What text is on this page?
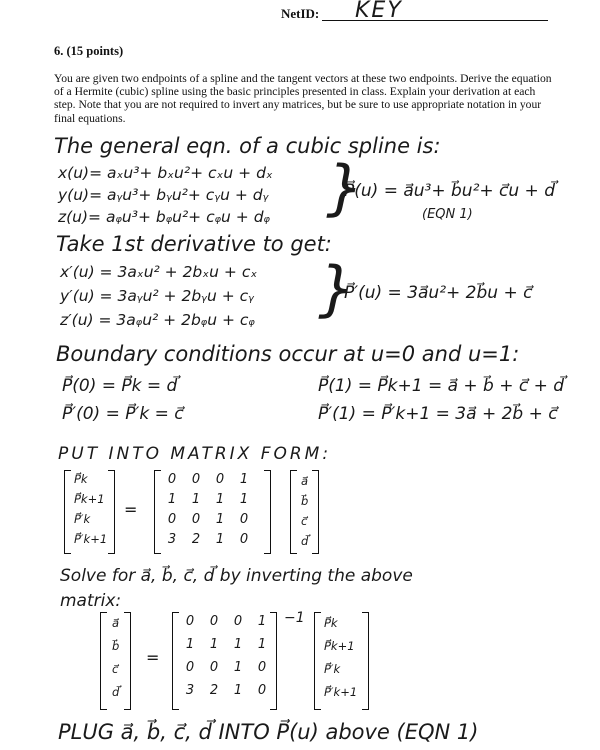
NetID: KEY
6. (15 points)
You are given two endpoints of a spline and the tangent vectors at these two endpoints. Derive the equation of a Hermite (cubic) spline using the basic principles presented in class. Explain your derivation at each step. Note that you are not required to invert any matrices, but be sure to use appropriate notation in your final equations.
The general eqn. of a cubic spline is:
x(u)= aₓu³+ bₓu²+ cₓu + dₓ
y(u)= aᵧu³+ bᵧu²+ cᵧu + dᵧ
z(u)= aᵩu³+ bᵩu²+ cᵩu + dᵩ }
P⃗(u) = a⃗u³+ b⃗u²+ c⃗u + d⃗
(EQN 1)
Take 1st derivative to get:
x′(u) = 3aₓu² + 2bₓu + cₓ
y′(u) = 3aᵧu² + 2bᵧu + cᵧ
z′(u) = 3aᵩu² + 2bᵩu + cᵩ }
P⃗′(u) = 3a⃗u²+ 2b⃗u + c⃗
Boundary conditions occur at u=0 and u=1:
P⃗(0) = P⃗k = d⃗
P⃗′(0) = P⃗′k = c⃗
P⃗(1) = P⃗k+1 = a⃗ + b⃗ + c⃗ + d⃗
P⃗′(1) = P⃗′k+1 = 3a⃗ + 2b⃗ + c⃗
PUT INTO MATRIX FORM:
P⃗k
P⃗k+1
P⃗′k
P⃗′k+1
=
0 0 0 1
1 1 1 1
0 0 1 0
3 2 1 0
a⃗
b⃗
c⃗
d⃗
Solve for a⃗, b⃗, c⃗, d⃗ by inverting the above
matrix:
a⃗
b⃗
c⃗
d⃗
=
0 0 0 1
1 1 1 1
0 0 1 0
3 2 1 0
−1 P⃗k
P⃗k+1
P⃗′k
P⃗′k+1
PLUG a⃗, b⃗, c⃗, d⃗ INTO P⃗(u) above (EQN 1)
